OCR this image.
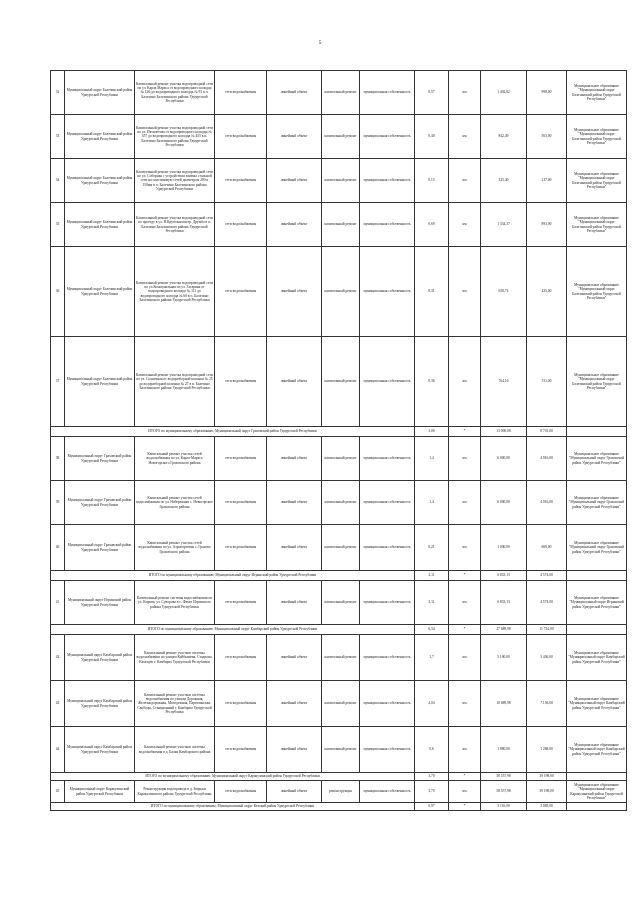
5
32	Муниципальный округ Балезинский район Удмуртской Республики	Капитальный ремонт участка водопроводной сети по ул. Карла Маркса от водопроводного колодца № 126 до водопроводного колодца № 93 в п. Балезино Балезинского района Удмуртской Республики	сети водоснабжения	линейный объект	капитальный ремонт	муниципальная собственность	0,57	км	1 492,82	998,00	Муниципальное образование "Муниципальный округ Балезинский район Удмуртской Республики"
33	Муниципальный округ Балезинский район Удмуртской Республики	Капитальный ремонт участка водопроводной сети по ул. Пятилетова от водопроводного колодца № 457 до водопроводного колодца № 455 в п. Балезино Балезинского района Удмуртской Республики	сети водоснабжения	линейный объект	капитальный ремонт	муниципальная собственность	0,40	км	842,49	563,00	Муниципальное образование "Муниципальный округ Балезинский район Удмуртской Республики"
34	Муниципальный округ Балезинский район Удмуртской Республики	Капитальный ремонт участка водопроводной сети по ул. Соборная с устройством замены стальной сети на пластиковую сетей диаметром 200 и 150мм в п. Балезино Балезинского района Удмуртской Республики	сети водоснабжения	линейный объект	капитальный ремонт	муниципальная собственность	0,15	км	325,40	217,00	Муниципальное образование "Муниципальный округ Балезинский район Удмуртской Республики"
35	Муниципальный округ Балезинский район Удмуртской Республики	Капитальный ремонт участка водопроводной сети по проезду в ул. Н.Крупская пятер. Дружба в п. Балезино Балезинского района Удмуртской Республики	сети водоснабжения	линейный объект	капитальный ремонт	муниципальная собственность	0,69	км	1 334,37	893,00	Муниципальное образование "Муниципальный округ Балезинский район Удмуртской Республики"
36	Муниципальный округ Балезинский район Удмуртской Республики	Капитальный ремонт участка водопроводной сети по ул.Коммунальная по ул. Гагарина от водопроводного колодца № 111 до водопроводного колодца № 60 в п. Балезино Балезинского района Удмуртской Республики	сети водоснабжения	линейный объект	капитальный ремонт	муниципальная собственность	0,31	км	650,74	435,00	Муниципальное образование "Муниципальный округ Балезинский район Удмуртской Республики"
37	Муниципальный округ Балезинский район Удмуртской Республики	Капитальный ремонт участка водопроводной сети по ул. Солнечная от водоразборной колонки № 25 до водоразборной колонки № 27 в п. Балезино Балезинского района Удмуртской Республики	сети водоснабжения	линейный объект	капитальный ремонт	муниципальная собственность	0,36	км	764,16	511,00	Муниципальное образование "Муниципальный округ Балезинский район Удмуртской Республики"
ИТОГО по муниципальному образованию: Муниципальный округ Граховский район Удмуртской Республики							3,00	*	13 000,00	8 701,00	
38	Муниципальный округ Граховский район Удмуртской Республики	Капитальный ремонт участка сетей водоснабжения по ул. Карла-Маркса Новогорского Граховского района	сети водоснабжения	линейный объект	капитальный ремонт	муниципальная собственность	1,4	км	6 000,00	4 016,00	Муниципальное образование "Муниципальный округ Граховский район Удмуртской Республики"
39	Муниципальный округ Граховский район Удмуртской Республики	Капитальный ремонт участка сетей водоснабжения по ул. Набережная с. Новогорское Граховского района	сети водоснабжения	линейный объект	капитальный ремонт	муниципальная собственность	1,4	км	6 000,00	4 016,00	Муниципальное образование "Муниципальный округ Граховский район Удмуртской Республики"
40	Муниципальный округ Граховский район Удмуртской Республики	Капитальный ремонт участка сетей водоснабжения по ул. Аэропортовая с. Грахово Граховского района	сети водоснабжения	линейный объект	капитальный ремонт	муниципальная собственность	0,21	км	1 000,00	669,00	Муниципальное образование "Муниципальный округ Граховский район Удмуртской Республики"
ИТОГО по муниципальному образованию: Муниципальный округ Игринский район Удмуртской Республики							2,11	*	6 833,13	4 574,00	
41	Муниципальный округ Игринский район Удмуртской Республики	Капитальный ремонт системы водоснабжения по ул. Кирова, ул. Суворова в с. Факел Игринского района Удмуртской Республики	сети водоснабжения	линейный объект	капитальный ремонт	муниципальная собственность	2,11	км	6 833,13	4 574,00	Муниципальное образование "Муниципальный округ Игринский район Удмуртской Республики"
ИТОГО по муниципальному образованию: Муниципальный округ Камбарский район Удмуртской Республики							6,34	*	27 689,98	11 734,00	
42	Муниципальный округ Камбарский район Удмуртской Республики	Капитальный ремонт участков системы водоснабжения по улицам Куйбышева, Стадиона, Камскую г. Камбарка Удмуртской Республики	сети водоснабжения	линейный объект	капитальный ремонт	муниципальная собственность	1,7	км	5 100,00	3 436,00	Муниципальное образование "Муниципальный округ Камбарский район Удмуртской Республики"
43	Муниципальный округ Камбарский район Удмуртской Республики	Капитальный ремонт участков системы водоснабжения по улицам Дорожная, Железнодорожная, Молодежная, Партизанская, Свободы, Станционный г. Камбарка Удмуртской Республики	сети водоснабжения	линейный объект	капитальный ремонт	муниципальная собственность	4,04	км	10 689,98	7 156,00	Муниципальное образование "Муниципальный округ Камбарский район Удмуртской Республики"
44	Муниципальный округ Камбарский район Удмуртской Республики	Капитальный ремонт участков системы водоснабжения в д. Балаи Камбарского района	сети водоснабжения	линейный объект	капитальный ремонт	муниципальная собственность	0,6	км	1 880,00	1 268,00	Муниципальное образование "Муниципальный округ Камбарский район Удмуртской Республики"
ИТОГО по муниципальному образованию: Муниципальный округ Каракулинский район Удмуртской Республики							3,70	*	58 557,98	39 198,00	
45	Муниципальный округ Каракулинский район Удмуртской Республики	Реконструкция водопровода в д. Зверьки Каракулинского района Удмуртской Республики	сети водоснабжения	линейный объект	реконструкция	муниципальная собственность	3,70	км	58 557,98	39 198,00	Муниципальное образование "Муниципальный округ Каракулинский район Удмуртской Республики"
ИТОГО по муниципальному образованию: Муниципальный округ Кезский район Удмуртской Республики							0,97	*	3 116,00	2 085,00	
